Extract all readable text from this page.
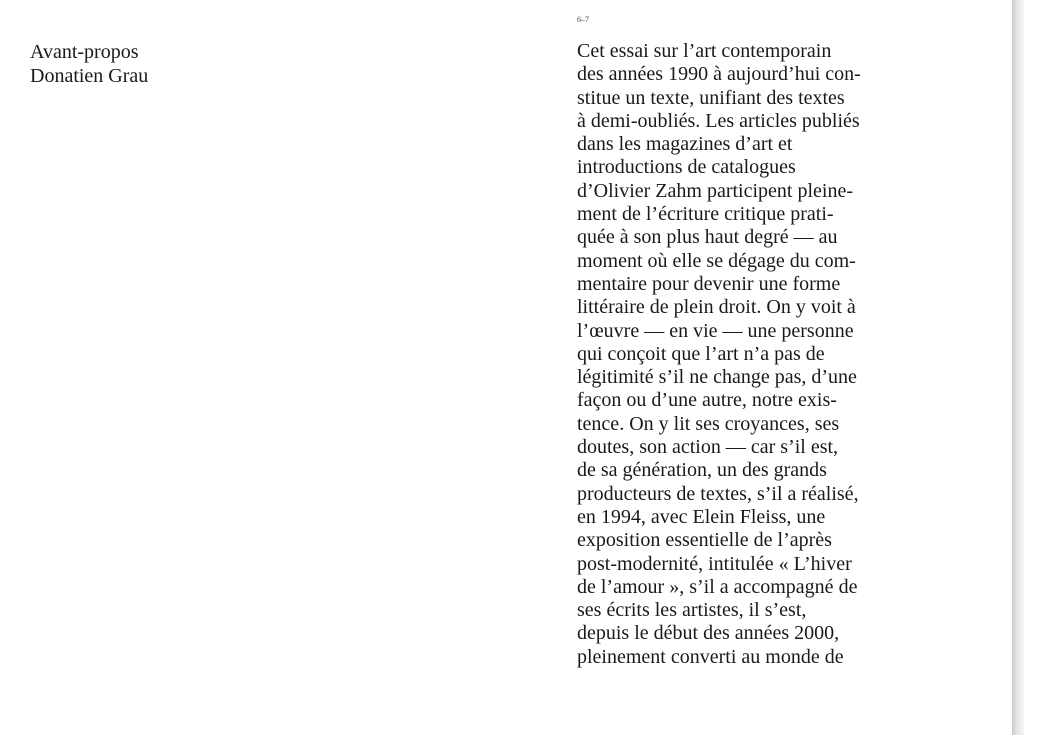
Avant-propos
Donatien Grau
6–7
Cet essai sur l’art contemporain
des années 1990 à aujourd’hui con-
stitue un texte, unifiant des textes
à demi-oubliés. Les articles publiés
dans les magazines d’art et
introductions de catalogues
d’Olivier Zahm participent pleine-
ment de l’écriture critique prati-
quée à son plus haut degré — au
moment où elle se dégage du com-
mentaire pour devenir une forme
littéraire de plein droit. On y voit à
l’œuvre — en vie — une personne
qui conçoit que l’art n’a pas de
légitimité s’il ne change pas, d’une
façon ou d’une autre, notre exis-
tence. On y lit ses croyances, ses
doutes, son action — car s’il est,
de sa génération, un des grands
producteurs de textes, s’il a réalisé,
en 1994, avec Elein Fleiss, une
exposition essentielle de l’après
post-modernité, intitulée « L’hiver
de l’amour », s’il a accompagné de
ses écrits les artistes, il s’est,
depuis le début des années 2000,
pleinement converti au monde de
